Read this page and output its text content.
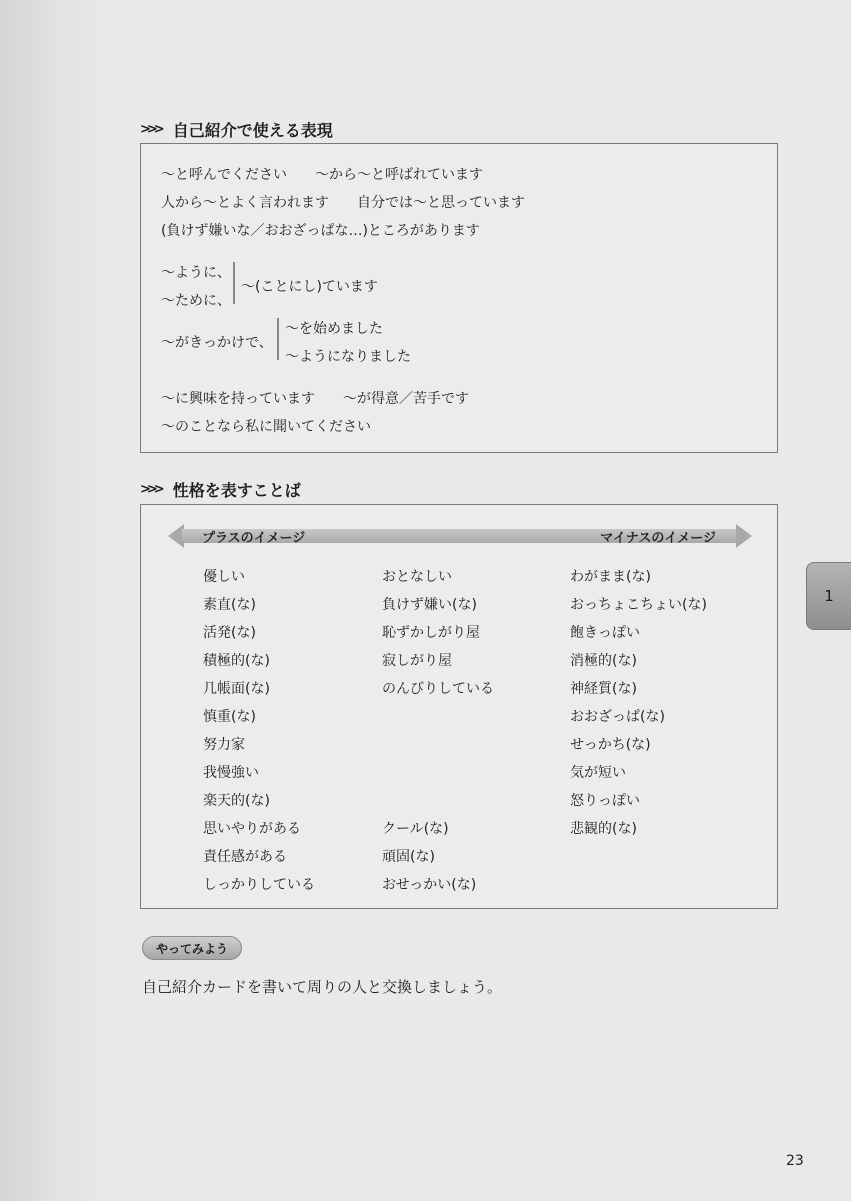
>>> 自己紹介で使える表現
〜と呼んでください　　〜から〜と呼ばれています
人から〜とよく言われます　　自分では〜と思っています
(負けず嫌いな／おおざっぱな…)ところがあります
〜ように、
〜ために、
〜(ことにし)ています
〜がきっかけで、
〜を始めました
〜ようになりました
〜に興味を持っています　　〜が得意／苦手です
〜のことなら私に聞いてください
>>> 性格を表すことば
プラスのイメージ	マイナスのイメージ
優しい
素直(な)
活発(な)
積極的(な)
几帳面(な)
慎重(な)
努力家
我慢強い
楽天的(な)
思いやりがある
責任感がある
しっかりしている
おとなしい
負けず嫌い(な)
恥ずかしがり屋
寂しがり屋
のんびりしている
クール(な)
頑固(な)
おせっかい(な)
わがまま(な)
おっちょこちょい(な)
飽きっぽい
消極的(な)
神経質(な)
おおざっぱ(な)
せっかち(な)
気が短い
怒りっぽい
悲観的(な)
やってみよう
自己紹介カードを書いて周りの人と交換しましょう。
1
23
